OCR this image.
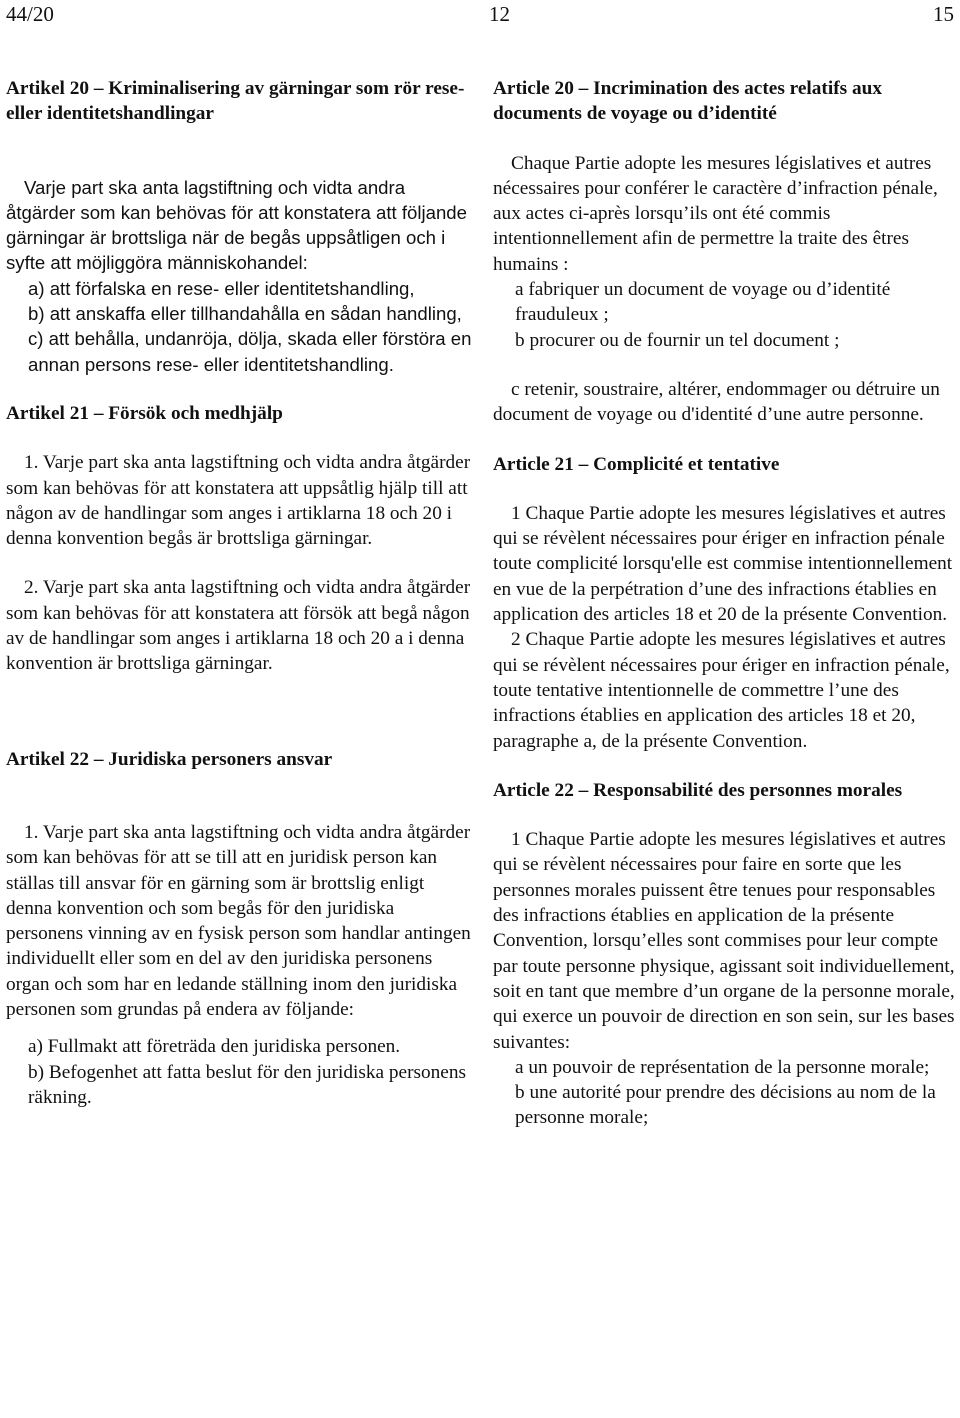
44/20	12	15

Artikel 20 – Kriminalisering av gärningar som rör rese- eller identitetshandlingar

Varje part ska anta lagstiftning och vidta andra åtgärder som kan behövas för att konstatera att följande gärningar är brottsliga när de begås uppsåtligen och i syfte att möjliggöra människohandel:

a) att förfalska en rese- eller identitetshandling,

b) att anskaffa eller tillhandahålla en sådan handling,

c) att behålla, undanröja, dölja, skada eller förstöra en annan persons rese- eller identitetshandling.

Artikel 21 – Försök och medhjälp

1. Varje part ska anta lagstiftning och vidta andra åtgärder som kan behövas för att konstatera att uppsåtlig hjälp till att någon av de handlingar som anges i artiklarna 18 och 20 i denna konvention begås är brottsliga gärningar.

2. Varje part ska anta lagstiftning och vidta andra åtgärder som kan behövas för att konstatera att försök att begå någon av de handlingar som anges i artiklarna 18 och 20 a i denna konvention är brottsliga gärningar.

Artikel 22 – Juridiska personers ansvar

1. Varje part ska anta lagstiftning och vidta andra åtgärder som kan behövas för att se till att en juridisk person kan ställas till ansvar för en gärning som är brottslig enligt denna konvention och som begås för den juridiska personens vinning av en fysisk person som handlar antingen individuellt eller som en del av den juridiska personens organ och som har en ledande ställning inom den juridiska personen som grundas på endera av följande:

a) Fullmakt att företräda den juridiska personen.

b) Befogenhet att fatta beslut för den juridiska personens räkning.

Article 20 – Incrimination des actes relatifs aux documents de voyage ou d’identité

Chaque Partie adopte les mesures législatives et autres nécessaires pour conférer le caractère d’infraction pénale, aux actes ci-après lorsqu’ils ont été commis intentionnellement afin de permettre la traite des êtres humains :

a fabriquer un document de voyage ou d’identité frauduleux ;

b procurer ou de fournir un tel document ;

c retenir, soustraire, altérer, endommager ou détruire un document de voyage ou d'identité d’une autre personne.

Article 21 – Complicité et tentative

1 Chaque Partie adopte les mesures législatives et autres qui se révèlent nécessaires pour ériger en infraction pénale toute complicité lorsqu'elle est commise intentionnellement en vue de la perpétration d’une des infractions établies en application des articles 18 et 20 de la présente Convention.

2 Chaque Partie adopte les mesures législatives et autres qui se révèlent nécessaires pour ériger en infraction pénale, toute tentative intentionnelle de commettre l’une des infractions établies en application des articles 18 et 20, paragraphe a, de la présente Convention.

Article 22 – Responsabilité des personnes morales

1 Chaque Partie adopte les mesures législatives et autres qui se révèlent nécessaires pour faire en sorte que les personnes morales puissent être tenues pour responsables des infractions établies en application de la présente Convention, lorsqu’elles sont commises pour leur compte par toute personne physique, agissant soit individuellement, soit en tant que membre d’un organe de la personne morale, qui exerce un pouvoir de direction en son sein, sur les bases suivantes:

a un pouvoir de représentation de la personne morale;

b une autorité pour prendre des décisions au nom de la personne morale;
